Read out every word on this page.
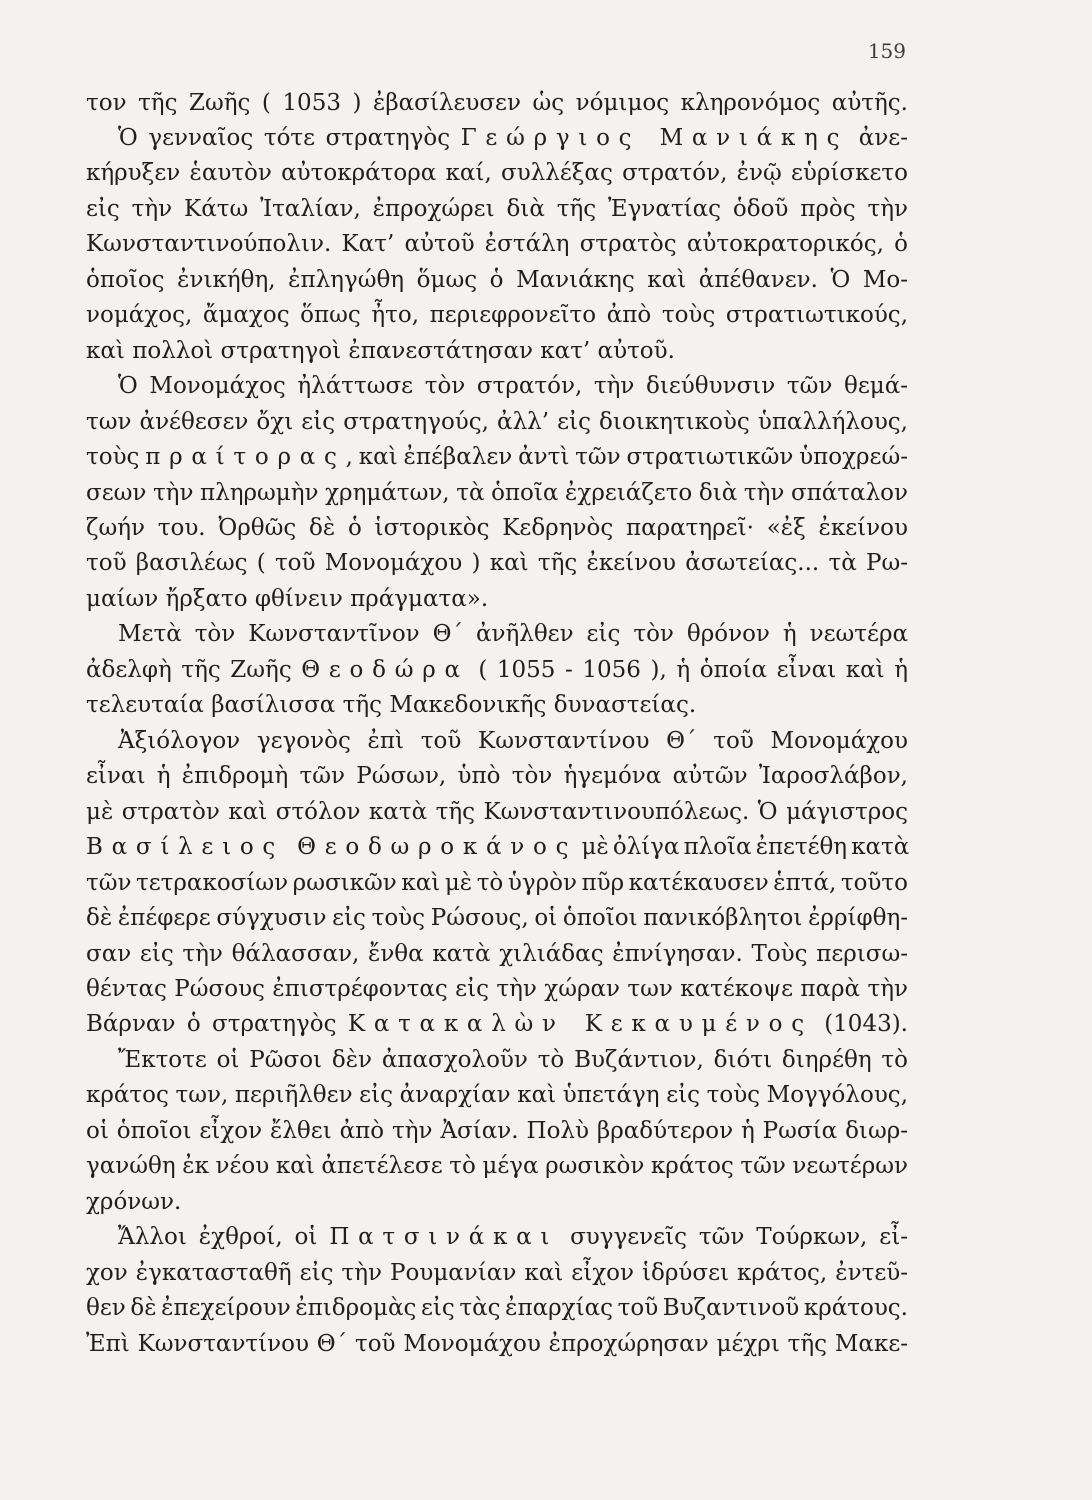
159
τον τῆς Ζωῆς ( 1053 ) ἐβασίλευσεν ὡς νόμιμος κληρονόμος αὐτῆς.
Ὁ γενναῖος τότε στρατηγὸς Γεώργιος Μανιάκης ἀνε-
κήρυξεν ἑαυτὸν αὐτοκράτορα καί, συλλέξας στρατόν, ἐνῷ εὑρίσκετο
εἰς τὴν Κάτω Ἰταλίαν, ἐπροχώρει διὰ τῆς Ἐγνατίας ὁδοῦ πρὸς τὴν
Κωνσταντινούπολιν. Κατ’ αὐτοῦ ἐστάλη στρατὸς αὐτοκρατορικός, ὁ
ὁποῖος ἐνικήθη, ἐπληγώθη ὅμως ὁ Μανιάκης καὶ ἀπέθανεν. Ὁ Μο-
νομάχος, ἄμαχος ὅπως ἦτο, περιεφρονεῖτο ἀπὸ τοὺς στρατιωτικούς,
καὶ πολλοὶ στρατηγοὶ ἐπανεστάτησαν κατ’ αὐτοῦ.
Ὁ Μονομάχος ἠλάττωσε τὸν στρατόν, τὴν διεύθυνσιν τῶν θεμά-
των ἀνέθεσεν ὄχι εἰς στρατηγούς, ἀλλ’ εἰς διοικητικοὺς ὑπαλλήλους,
τοὺς πραίτορας, καὶ ἐπέβαλεν ἀντὶ τῶν στρατιωτικῶν ὑποχρεώ-
σεων τὴν πληρωμὴν χρημάτων, τὰ ὁποῖα ἐχρειάζετο διὰ τὴν σπάταλον
ζωήν του. Ὀρθῶς δὲ ὁ ἱστορικὸς Κεδρηνὸς παρατηρεῖ· «ἐξ ἐκείνου
τοῦ βασιλέως ( τοῦ Μονομάχου ) καὶ τῆς ἐκείνου ἀσωτείας... τὰ Ρω-
μαίων ἤρξατο φθίνειν πράγματα».
Μετὰ τὸν Κωνσταντῖνον Θ΄ ἀνῆλθεν εἰς τὸν θρόνον ἡ νεωτέρα
ἀδελφὴ τῆς Ζωῆς Θεοδώρα ( 1055 - 1056 ), ἡ ὁποία εἶναι καὶ ἡ
τελευταία βασίλισσα τῆς Μακεδονικῆς δυναστείας.
Ἀξιόλογον γεγονὸς ἐπὶ τοῦ Κωνσταντίνου Θ΄ τοῦ Μονομάχου
εἶναι ἡ ἐπιδρομὴ τῶν Ρώσων, ὑπὸ τὸν ἡγεμόνα αὐτῶν Ἰαροσλάβον,
μὲ στρατὸν καὶ στόλον κατὰ τῆς Κωνσταντινουπόλεως. Ὁ μάγιστρος
Βασίλειος Θεοδωροκάνος μὲ ὀλίγα πλοῖα ἐπετέθη κατὰ
τῶν τετρακοσίων ρωσικῶν καὶ μὲ τὸ ὑγρὸν πῦρ κατέκαυσεν ἑπτά, τοῦτο
δὲ ἐπέφερε σύγχυσιν εἰς τοὺς Ρώσους, οἱ ὁποῖοι πανικόβλητοι ἐρρίφθη-
σαν εἰς τὴν θάλασσαν, ἔνθα κατὰ χιλιάδας ἐπνίγησαν. Τοὺς περισω-
θέντας Ρώσους ἐπιστρέφοντας εἰς τὴν χώραν των κατέκοψε παρὰ τὴν
Βάρναν ὁ στρατηγὸς Κατακαλὼν Κεκαυμένος (1043).
Ἔκτοτε οἱ Ρῶσοι δὲν ἀπασχολοῦν τὸ Βυζάντιον, διότι διηρέθη τὸ
κράτος των, περιῆλθεν εἰς ἀναρχίαν καὶ ὑπετάγη εἰς τοὺς Μογγόλους,
οἱ ὁποῖοι εἶχον ἔλθει ἀπὸ τὴν Ἀσίαν. Πολὺ βραδύτερον ἡ Ρωσία διωρ-
γανώθη ἐκ νέου καὶ ἀπετέλεσε τὸ μέγα ρωσικὸν κράτος τῶν νεωτέρων
χρόνων.
Ἄλλοι ἐχθροί, οἱ Πατσινάκαι συγγενεῖς τῶν Τούρκων, εἶ-
χον ἐγκατασταθῆ εἰς τὴν Ρουμανίαν καὶ εἶχον ἱδρύσει κράτος, ἐντεῦ-
θεν δὲ ἐπεχείρουν ἐπιδρομὰς εἰς τὰς ἐπαρχίας τοῦ Βυζαντινοῦ κράτους.
Ἐπὶ Κωνσταντίνου Θ΄ τοῦ Μονομάχου ἐπροχώρησαν μέχρι τῆς Μακε-
